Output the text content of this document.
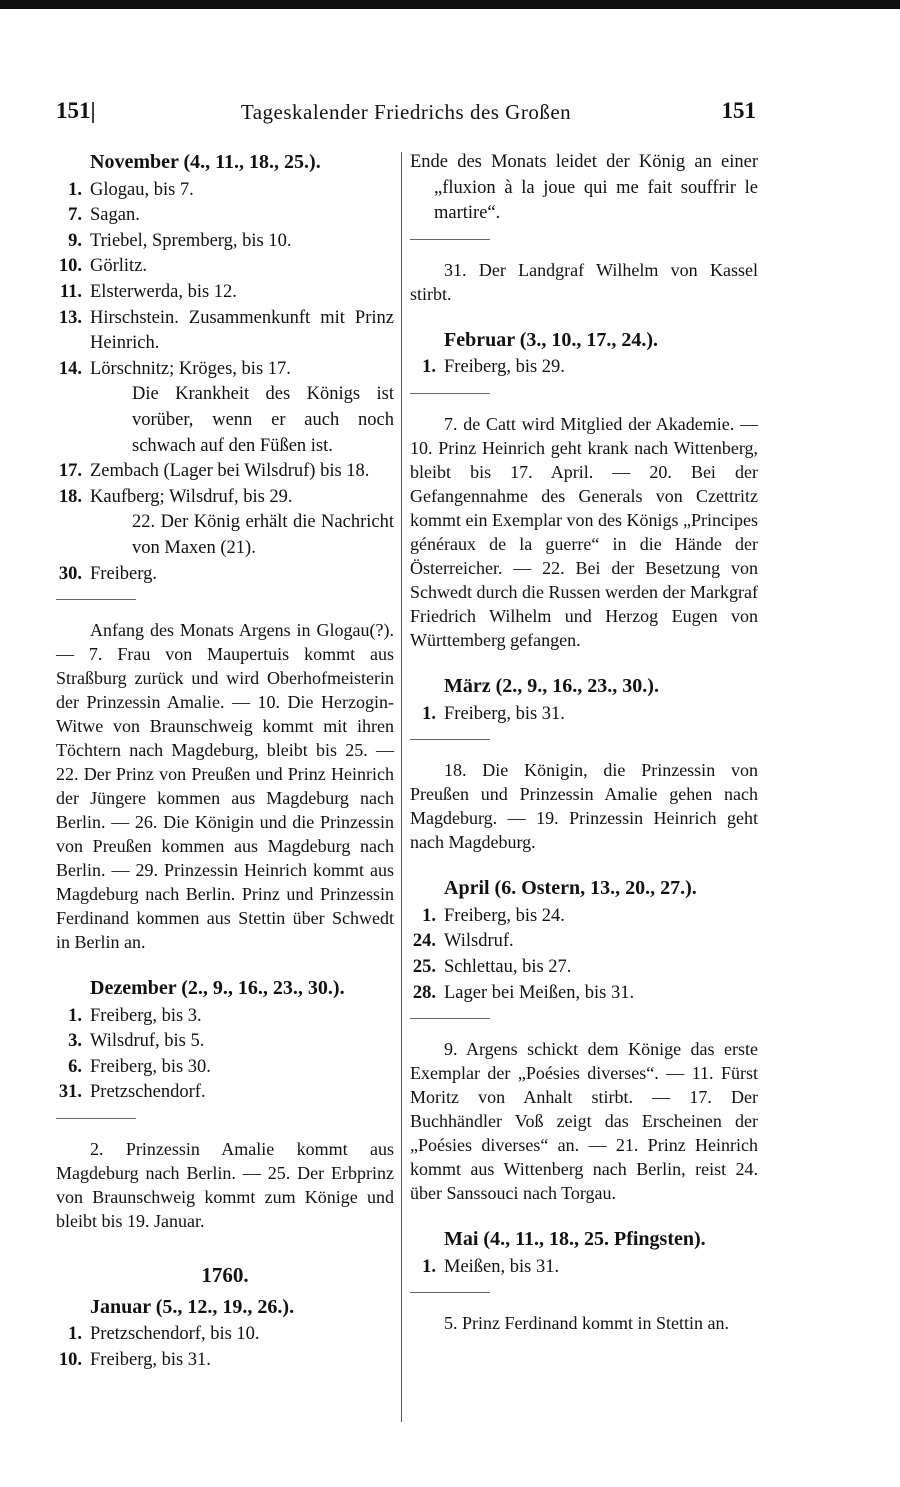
151|	Tageskalender Friedrichs des Großen	151
November (4., 11., 18., 25.).
1. Glogau, bis 7.
7. Sagan.
9. Triebel, Spremberg, bis 10.
10. Görlitz.
11. Elsterwerda, bis 12.
13. Hirschstein. Zusammenkunft mit Prinz Heinrich.
14. Lörschnitz; Kröges, bis 17.
Die Krankheit des Königs ist vorüber, wenn er auch noch schwach auf den Füßen ist.
17. Zembach (Lager bei Wilsdruf) bis 18.
18. Kaufberg; Wilsdruf, bis 29.
22. Der König erhält die Nachricht von Maxen (21).
30. Freiberg.
Anfang des Monats Argens in Glogau(?). — 7. Frau von Maupertuis kommt aus Straßburg zurück und wird Oberhofmeisterin der Prinzessin Amalie. — 10. Die Herzogin-Witwe von Braunschweig kommt mit ihren Töchtern nach Magdeburg, bleibt bis 25. — 22. Der Prinz von Preußen und Prinz Heinrich der Jüngere kommen aus Magdeburg nach Berlin. — 26. Die Königin und die Prinzessin von Preußen kommen aus Magdeburg nach Berlin. — 29. Prinzessin Heinrich kommt aus Magdeburg nach Berlin. Prinz und Prinzessin Ferdinand kommen aus Stettin über Schwedt in Berlin an.
Dezember (2., 9., 16., 23., 30.).
1. Freiberg, bis 3.
3. Wilsdruf, bis 5.
6. Freiberg, bis 30.
31. Pretzschendorf.
2. Prinzessin Amalie kommt aus Magdeburg nach Berlin. — 25. Der Erbprinz von Braunschweig kommt zum Könige und bleibt bis 19. Januar.
1760.
Januar (5., 12., 19., 26.).
1. Pretzschendorf, bis 10.
10. Freiberg, bis 31.
Ende des Monats leidet der König an einer „fluxion à la joue qui me fait souffrir le martire“.
31. Der Landgraf Wilhelm von Kassel stirbt.
Februar (3., 10., 17., 24.).
1. Freiberg, bis 29.
7. de Catt wird Mitglied der Akademie. — 10. Prinz Heinrich geht krank nach Wittenberg, bleibt bis 17. April. — 20. Bei der Gefangennahme des Generals von Czettritz kommt ein Exemplar von des Königs „Principes généraux de la guerre“ in die Hände der Österreicher. — 22. Bei der Besetzung von Schwedt durch die Russen werden der Markgraf Friedrich Wilhelm und Herzog Eugen von Württemberg gefangen.
März (2., 9., 16., 23., 30.).
1. Freiberg, bis 31.
18. Die Königin, die Prinzessin von Preußen und Prinzessin Amalie gehen nach Magdeburg. — 19. Prinzessin Heinrich geht nach Magdeburg.
April (6. Ostern, 13., 20., 27.).
1. Freiberg, bis 24.
24. Wilsdruf.
25. Schlettau, bis 27.
28. Lager bei Meißen, bis 31.
9. Argens schickt dem Könige das erste Exemplar der „Poésies diverses“. — 11. Fürst Moritz von Anhalt stirbt. — 17. Der Buchhändler Voß zeigt das Erscheinen der „Poésies diverses“ an. — 21. Prinz Heinrich kommt aus Wittenberg nach Berlin, reist 24. über Sanssouci nach Torgau.
Mai (4., 11., 18., 25. Pfingsten).
1. Meißen, bis 31.
5. Prinz Ferdinand kommt in Stettin an.
